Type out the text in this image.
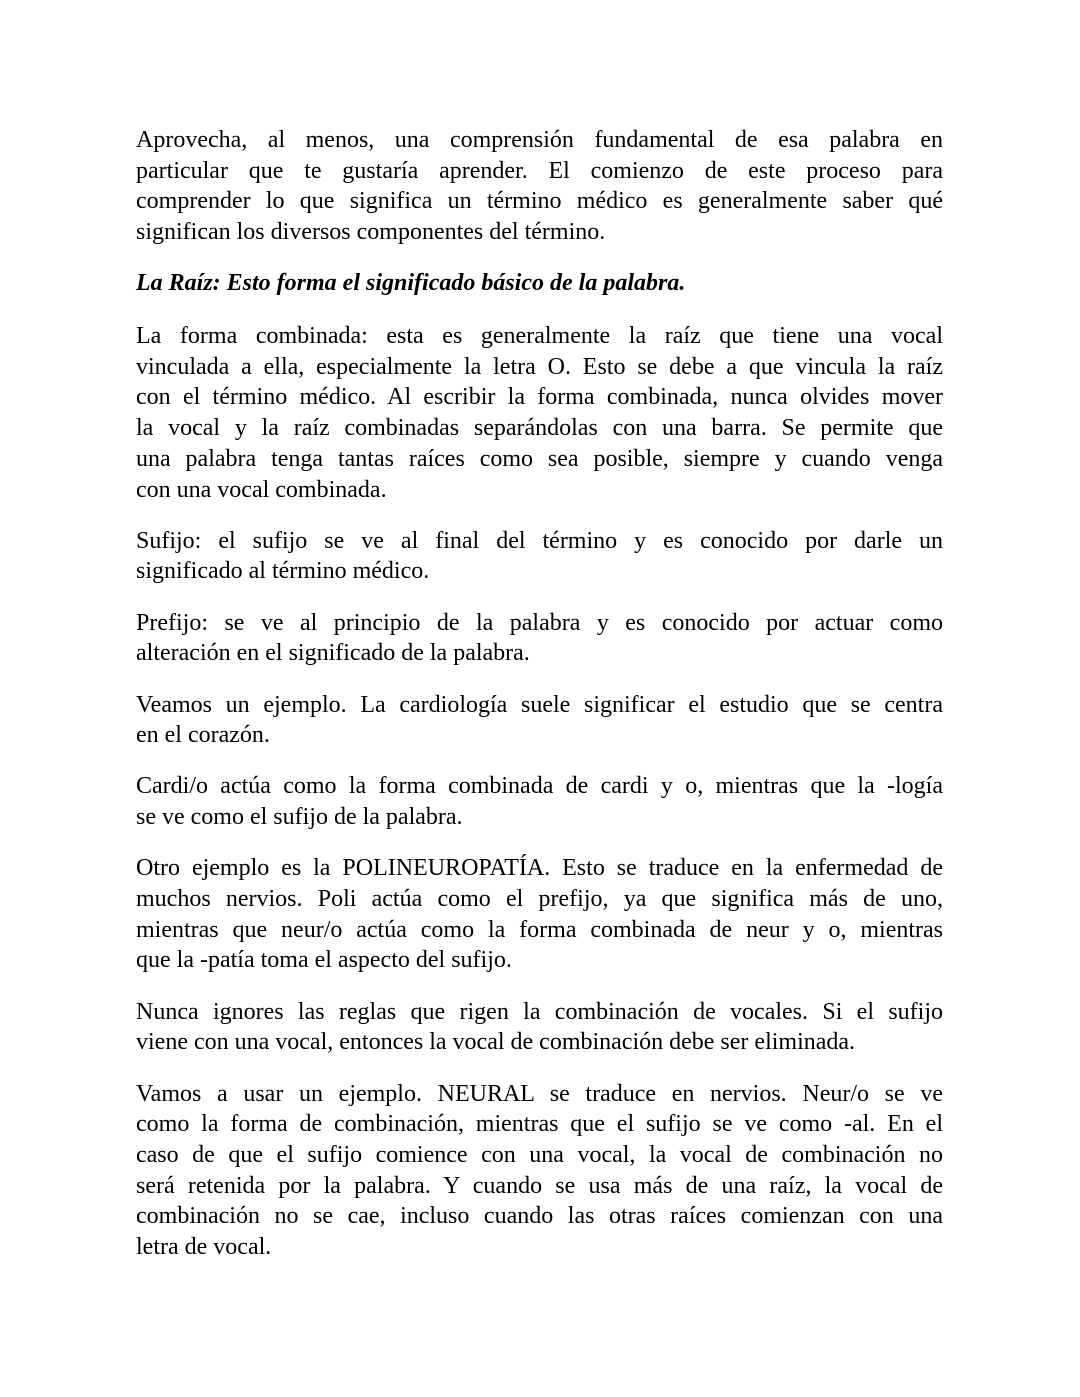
Aprovecha, al menos, una comprensión fundamental de esa palabra en
particular que te gustaría aprender. El comienzo de este proceso para
comprender lo que significa un término médico es generalmente saber qué
significan los diversos componentes del término.
La Raíz: Esto forma el significado básico de la palabra.
La forma combinada: esta es generalmente la raíz que tiene una vocal
vinculada a ella, especialmente la letra O. Esto se debe a que vincula la raíz
con el término médico. Al escribir la forma combinada, nunca olvides mover
la vocal y la raíz combinadas separándolas con una barra. Se permite que
una palabra tenga tantas raíces como sea posible, siempre y cuando venga
con una vocal combinada.
Sufijo: el sufijo se ve al final del término y es conocido por darle un
significado al término médico.
Prefijo: se ve al principio de la palabra y es conocido por actuar como
alteración en el significado de la palabra.
Veamos un ejemplo. La cardiología suele significar el estudio que se centra
en el corazón.
Cardi/o actúa como la forma combinada de cardi y o, mientras que la -logía
se ve como el sufijo de la palabra.
Otro ejemplo es la POLINEUROPATÍA. Esto se traduce en la enfermedad de
muchos nervios. Poli actúa como el prefijo, ya que significa más de uno,
mientras que neur/o actúa como la forma combinada de neur y o, mientras
que la -patía toma el aspecto del sufijo.
Nunca ignores las reglas que rigen la combinación de vocales. Si el sufijo
viene con una vocal, entonces la vocal de combinación debe ser eliminada.
Vamos a usar un ejemplo. NEURAL se traduce en nervios. Neur/o se ve
como la forma de combinación, mientras que el sufijo se ve como -al. En el
caso de que el sufijo comience con una vocal, la vocal de combinación no
será retenida por la palabra. Y cuando se usa más de una raíz, la vocal de
combinación no se cae, incluso cuando las otras raíces comienzan con una
letra de vocal.
